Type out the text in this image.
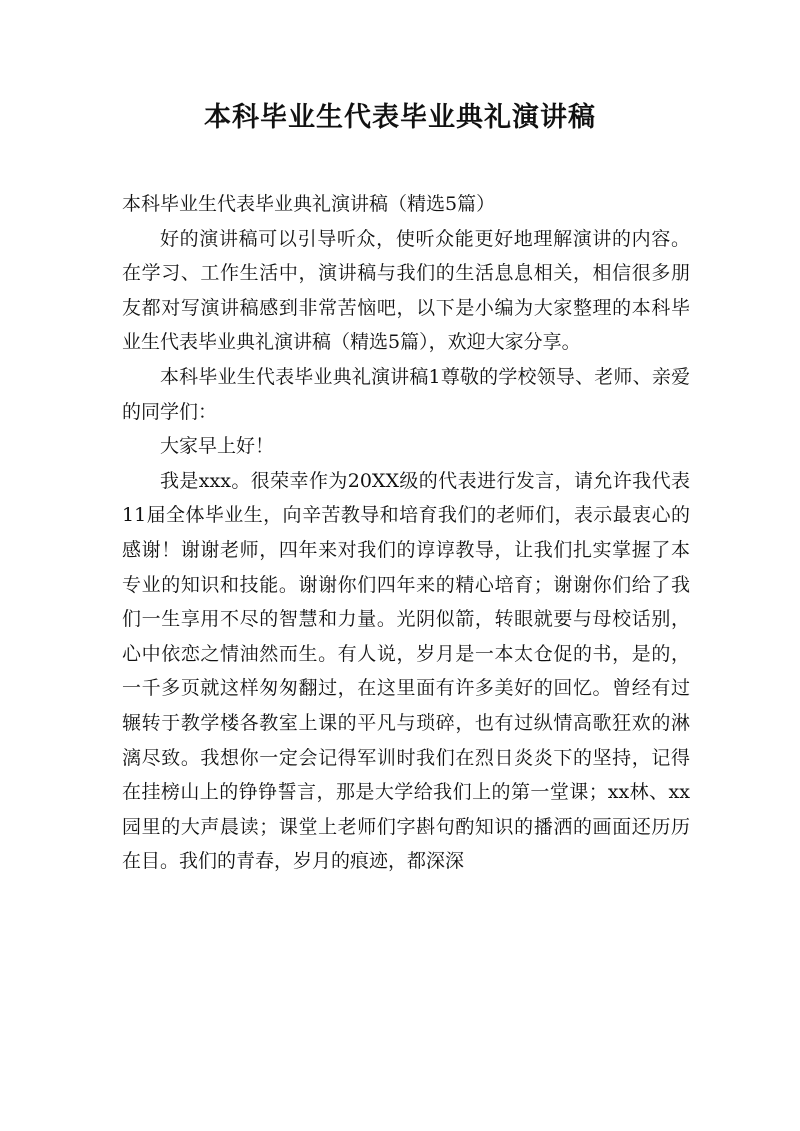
本科毕业生代表毕业典礼演讲稿

本科毕业生代表毕业典礼演讲稿（精选5篇）

好的演讲稿可以引导听众，使听众能更好地理解演讲的内容。在学习、工作生活中，演讲稿与我们的生活息息相关，相信很多朋友都对写演讲稿感到非常苦恼吧，以下是小编为大家整理的本科毕业生代表毕业典礼演讲稿（精选5篇），欢迎大家分享。

本科毕业生代表毕业典礼演讲稿1尊敬的学校领导、老师、亲爱的同学们：

大家早上好！

我是xxx。很荣幸作为20XX级的代表进行发言，请允许我代表11届全体毕业生，向辛苦教导和培育我们的老师们，表示最衷心的感谢！谢谢老师，四年来对我们的谆谆教导，让我们扎实掌握了本专业的知识和技能。谢谢你们四年来的精心培育；谢谢你们给了我们一生享用不尽的智慧和力量。光阴似箭，转眼就要与母校话别，心中依恋之情油然而生。有人说，岁月是一本太仓促的书，是的，一千多页就这样匆匆翻过，在这里面有许多美好的回忆。曾经有过辗转于教学楼各教室上课的平凡与琐碎，也有过纵情高歌狂欢的淋漓尽致。我想你一定会记得军训时我们在烈日炎炎下的坚持，记得在挂榜山上的铮铮誓言，那是大学给我们上的第一堂课；xx林、xx园里的大声晨读；课堂上老师们字斟句酌知识的播洒的画面还历历在目。我们的青春，岁月的痕迹，都深深
